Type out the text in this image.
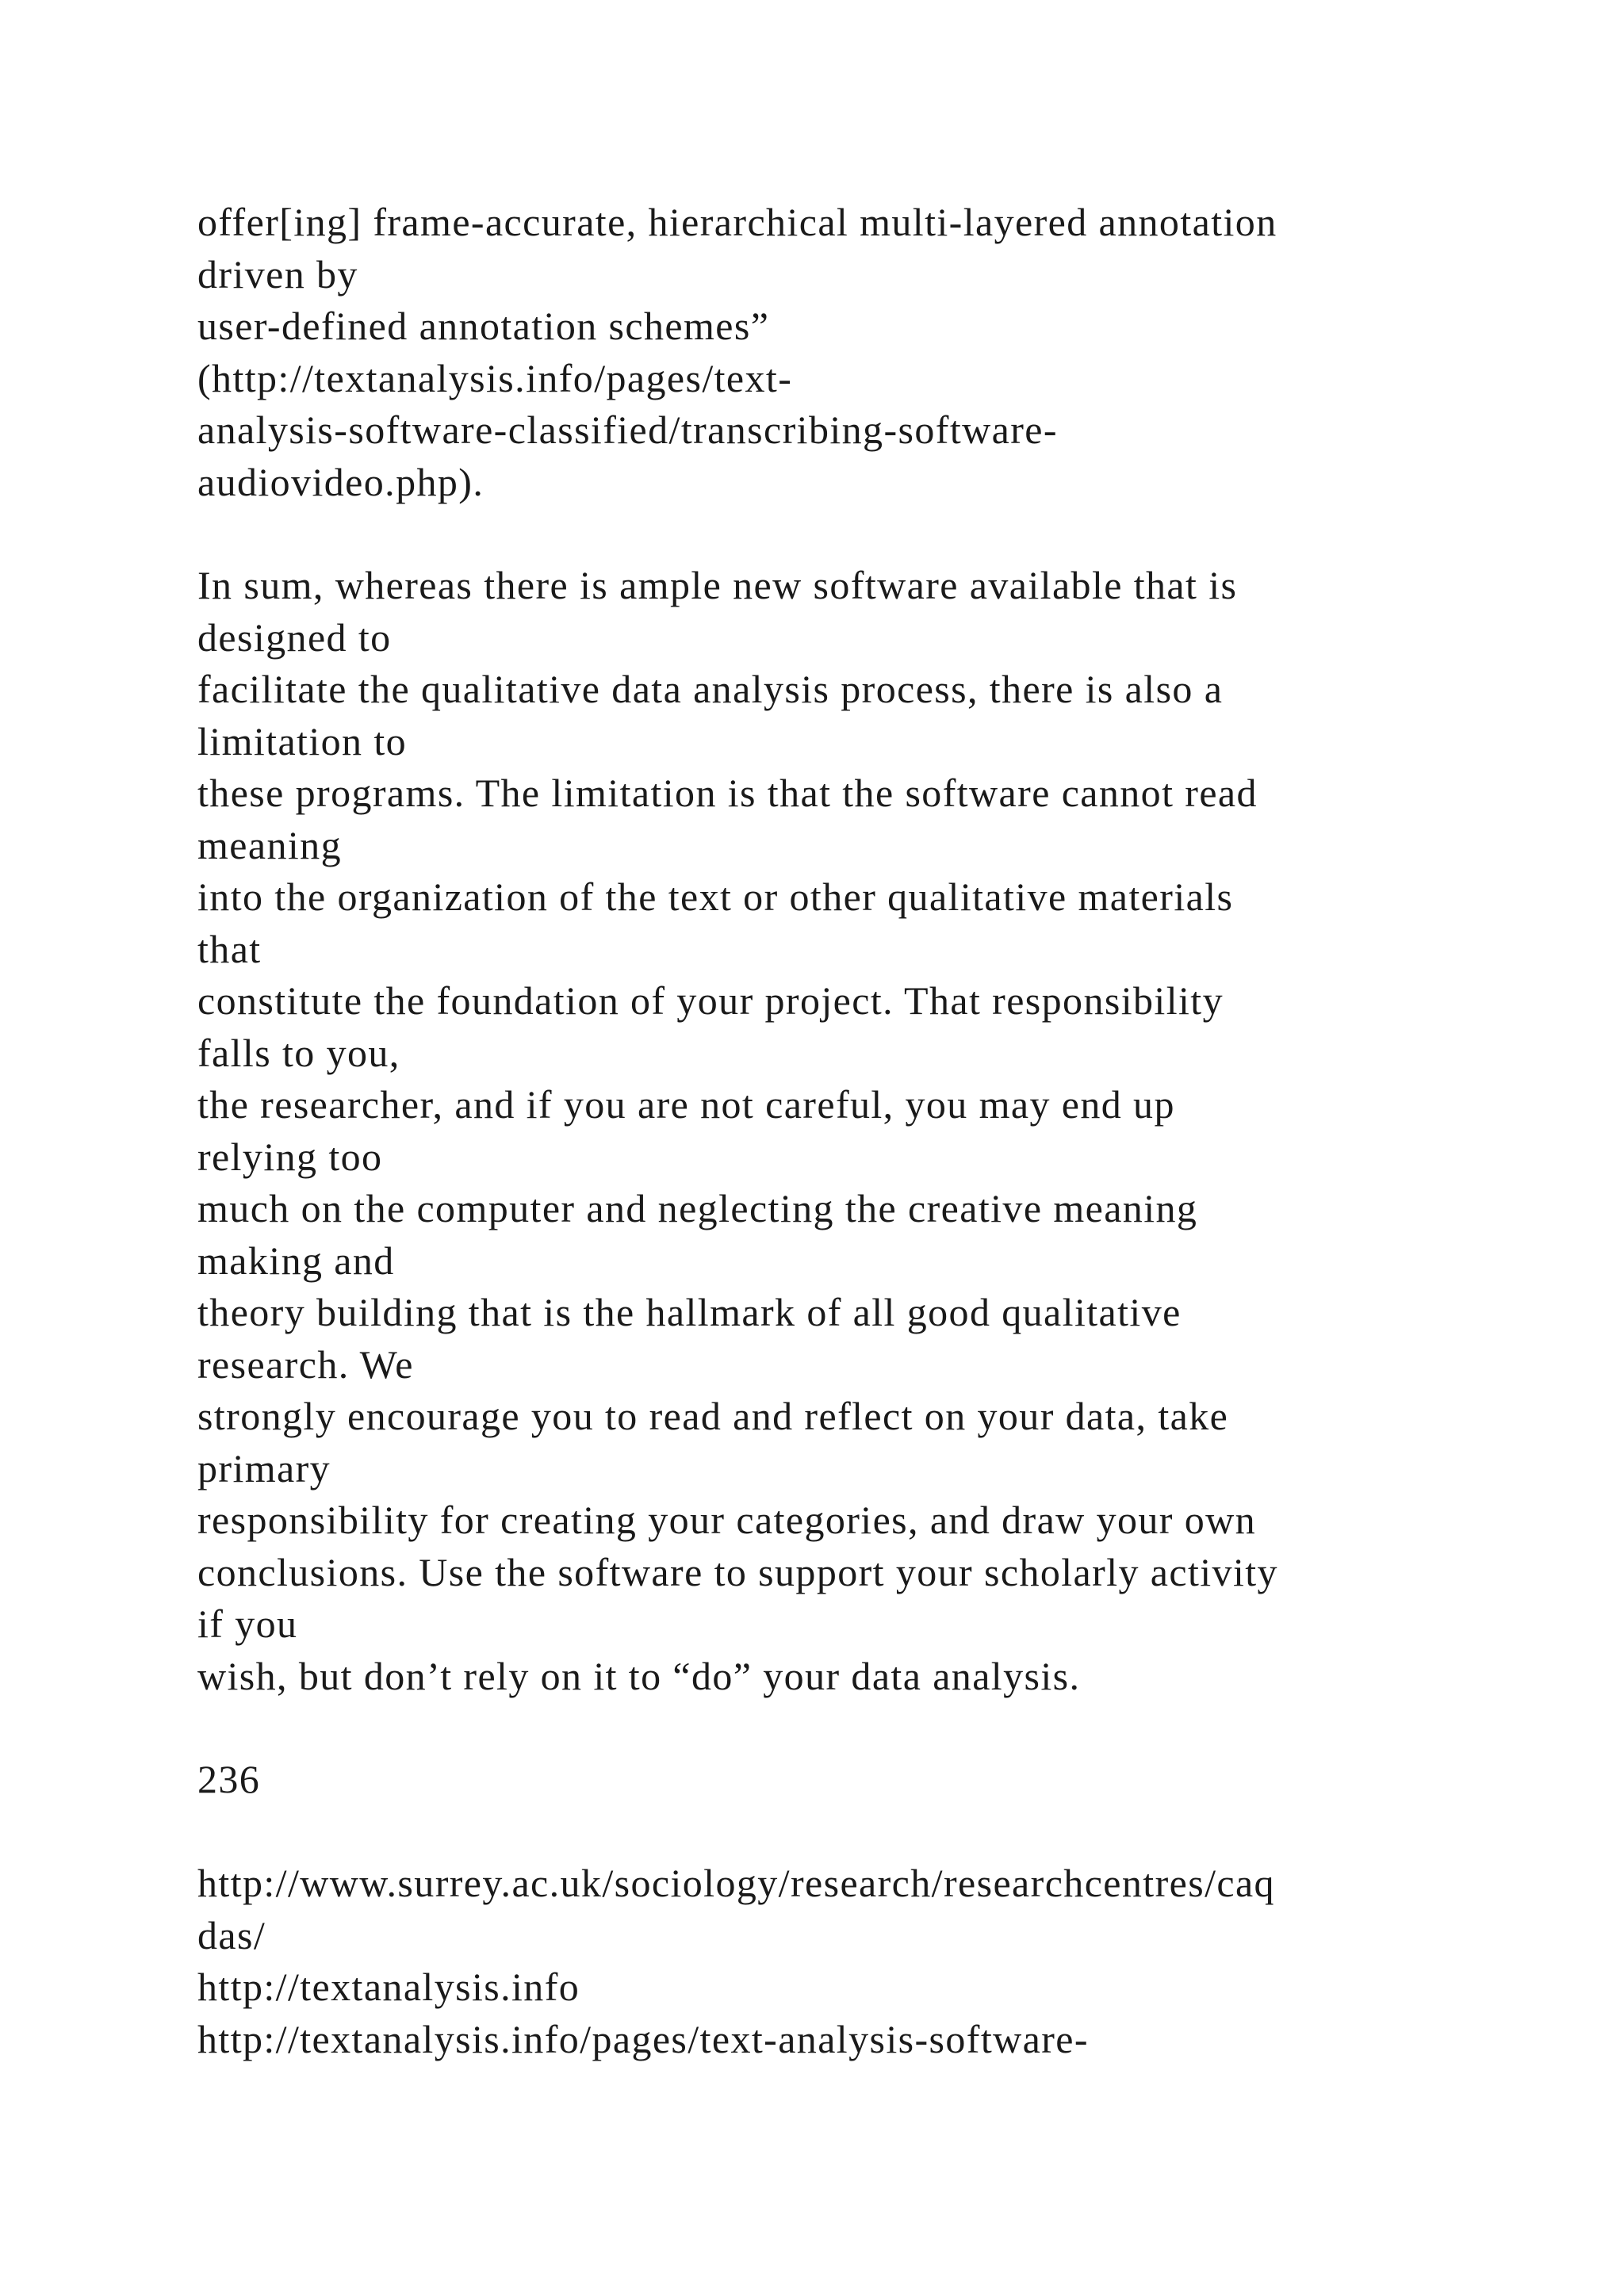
offer[ing] frame-accurate, hierarchical multi-layered annotation
driven by
user-defined annotation schemes”
(http://textanalysis.info/pages/text-
analysis-software-classified/transcribing-software-
audiovideo.php).
In sum, whereas there is ample new software available that is
designed to
facilitate the qualitative data analysis process, there is also a
limitation to
these programs. The limitation is that the software cannot read
meaning
into the organization of the text or other qualitative materials
that
constitute the foundation of your project. That responsibility
falls to you,
the researcher, and if you are not careful, you may end up
relying too
much on the computer and neglecting the creative meaning
making and
theory building that is the hallmark of all good qualitative
research. We
strongly encourage you to read and reflect on your data, take
primary
responsibility for creating your categories, and draw your own
conclusions. Use the software to support your scholarly activity
if you
wish, but don’t rely on it to “do” your data analysis.
236
http://www.surrey.ac.uk/sociology/research/researchcentres/caq
das/
http://textanalysis.info
http://textanalysis.info/pages/text-analysis-software-
